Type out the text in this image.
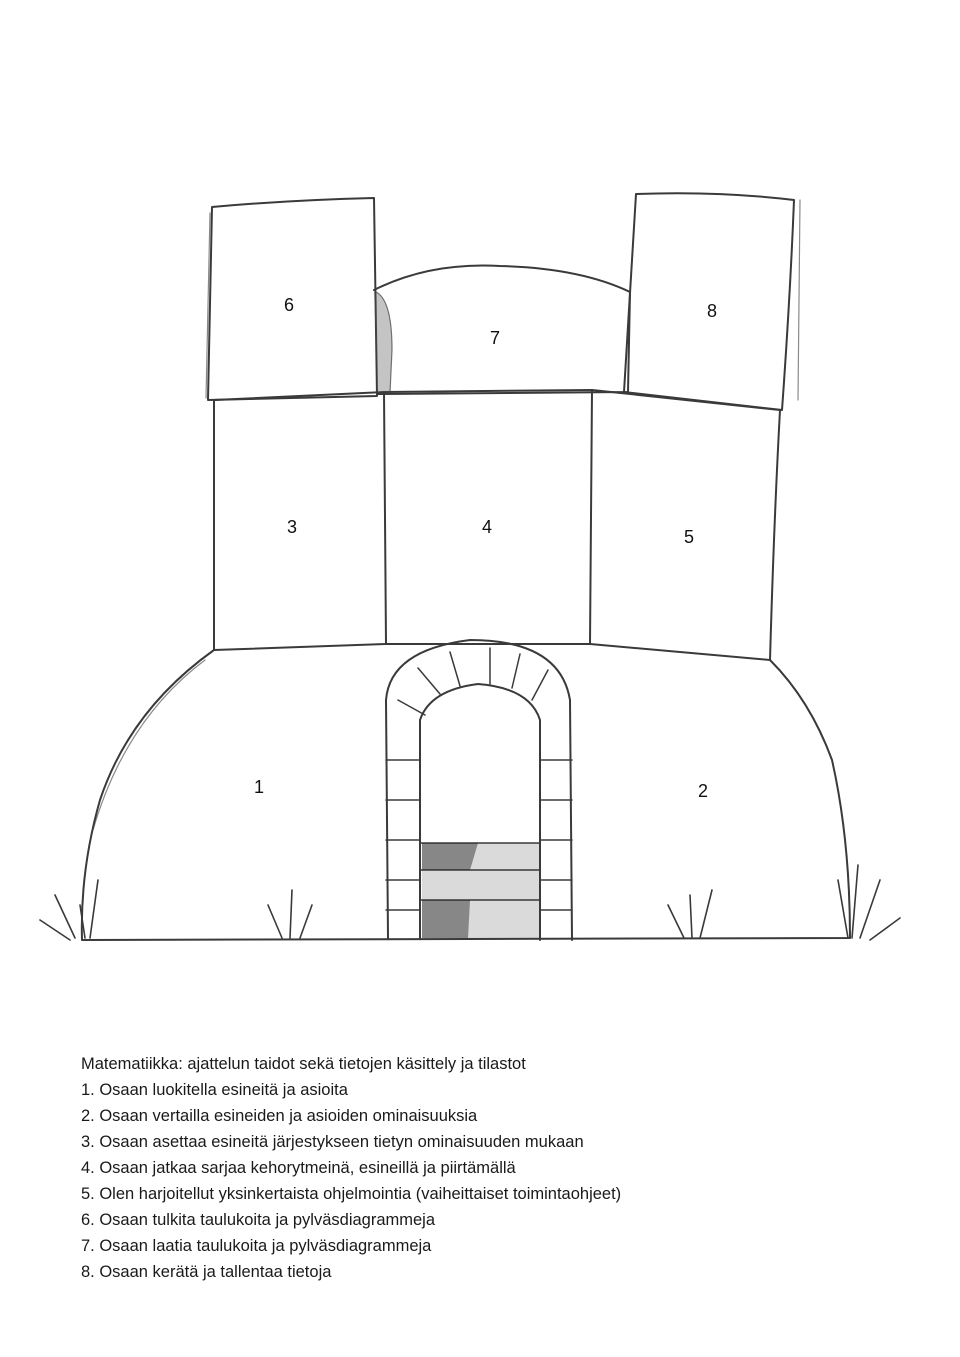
1	2
3	4	5
6
7
8
Matematiikka: ajattelun taidot sekä tietojen käsittely ja tilastot
1. Osaan luokitella esineitä ja asioita
2. Osaan vertailla esineiden ja asioiden ominaisuuksia
3. Osaan asettaa esineitä järjestykseen tietyn ominaisuuden mukaan
4. Osaan jatkaa sarjaa kehorytmeinä, esineillä ja piirtämällä
5. Olen harjoitellut yksinkertaista ohjelmointia (vaiheittaiset toimintaohjeet)
6. Osaan tulkita taulukoita ja pylväsdiagrammeja
7. Osaan laatia taulukoita ja pylväsdiagrammeja
8. Osaan kerätä ja tallentaa tietoja
